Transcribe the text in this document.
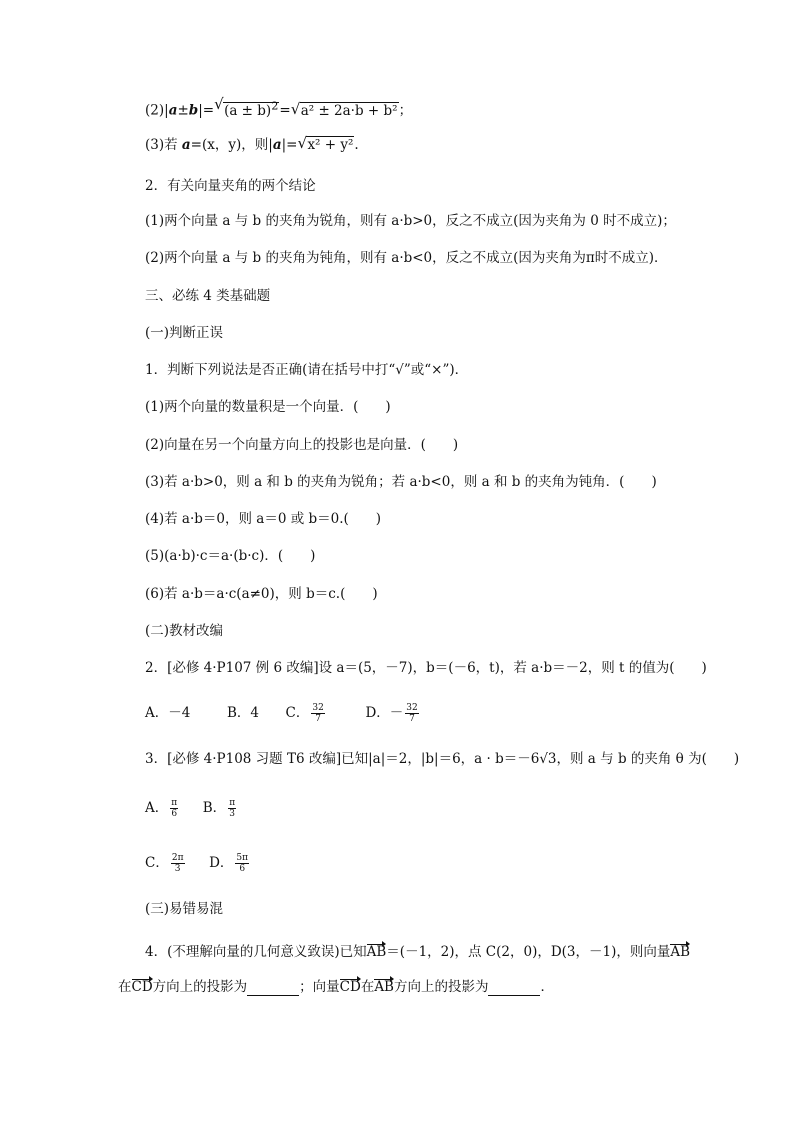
(2)|a±b|=√ $(a \pm b)^2=√$ a² ± 2a·b + b²；
(3)若 a=(x，y)，则|a|=√ x² + y².
2．有关向量夹角的两个结论
(1)两个向量 a 与 b 的夹角为锐角，则有 a·b>0，反之不成立(因为夹角为 0 时不成立)；
(2)两个向量 a 与 b 的夹角为钝角，则有 a·b<0，反之不成立(因为夹角为π时不成立)．
三、必练 4 类基础题
(一)判断正误
1．判断下列说法是否正确(请在括号中打“√”或“×”)．
(1)两个向量的数量积是一个向量．(　　)
(2)向量在另一个向量方向上的投影也是向量．(　　)
(3)若 a·b>0，则 a 和 b 的夹角为锐角；若 a·b<0，则 a 和 b 的夹角为钝角．(　　)
(4)若 a·b＝0，则 a＝0 或 b＝0.(　　)
(5)(a·b)·c＝a·(b·c)．(　　)
(6)若 a·b＝a·c(a≠0)，则 b＝c.(　　)
(二)教材改编
2．[必修 4·P107 例 6 改编]设 a＝(5，－7)，b＝(－6，t)，若 a·b＝－2，则 t 的值为(　　)
A．－4	B．4 C． $\frac{32}{7}$	D．－ $\frac{32}{7}$
3．[必修 4·P108 习题 T6 改编]已知|a|＝2，|b|＝6，a · b＝－6√3，则 a 与 b 的夹角 θ 为(　　)
A． $\frac{\pi}{6}$ B． $\frac{\pi}{3}$
C． $\frac{2\pi}{3}$ D． $\frac{5\pi}{6}$
(三)易错易混
4．(不理解向量的几何意义致误)已知AB＝(－1，2)，点 C(2，0)，D(3，－1)，则向量AB
在CD方向上的投影为	；向量CD在AB方向上的投影为	．
